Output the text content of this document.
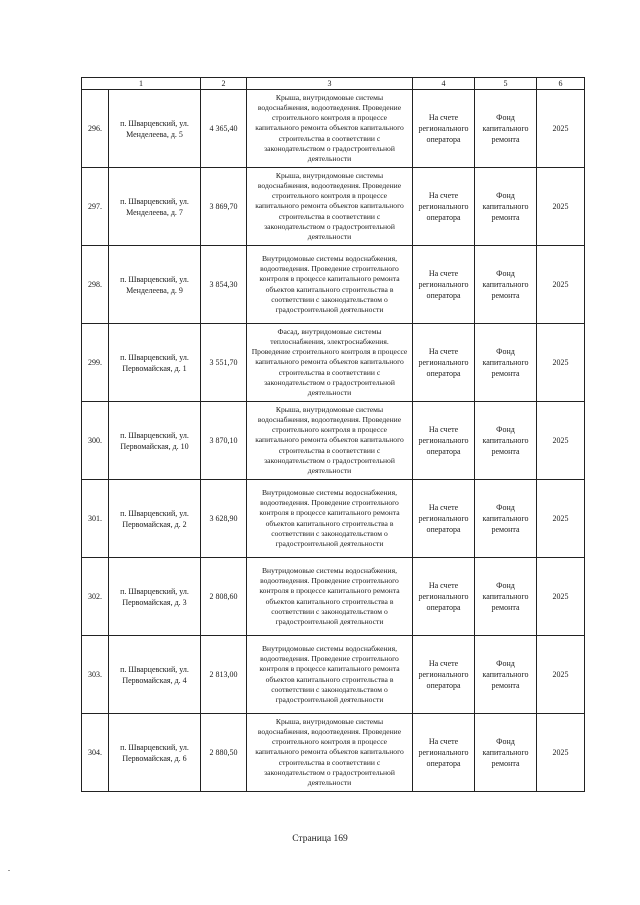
1		2	3	4	5	6
296.	п. Шварцевский, ул. Менделеева, д. 5	4 365,40	Крыша, внутридомовые системы водоснабжения, водоотведения. Проведение строительного контроля в процессе капитального ремонта объектов капитального строительства в соответствии с законодательством о градостроительной деятельности	На счете регионального оператора	Фонд капитального ремонта	2025
297.	п. Шварцевский, ул. Менделеева, д. 7	3 869,70	Крыша, внутридомовые системы водоснабжения, водоотведения. Проведение строительного контроля в процессе капитального ремонта объектов капитального строительства в соответствии с законодательством о градостроительной деятельности	На счете регионального оператора	Фонд капитального ремонта	2025
298.	п. Шварцевский, ул. Менделеева, д. 9	3 854,30	Внутридомовые системы водоснабжения, водоотведения. Проведение строительного контроля в процессе капитального ремонта объектов капитального строительства в соответствии с законодательством о градостроительной деятельности	На счете регионального оператора	Фонд капитального ремонта	2025
299.	п. Шварцевский, ул. Первомайская, д. 1	3 551,70	Фасад, внутридомовые системы теплоснабжения, электроснабжения. Проведение строительного контроля в процессе капитального ремонта объектов капитального строительства в соответствии с законодательством о градостроительной деятельности	На счете регионального оператора	Фонд капитального ремонта	2025
300.	п. Шварцевский, ул. Первомайская, д. 10	3 870,10	Крыша, внутридомовые системы водоснабжения, водоотведения. Проведение строительного контроля в процессе капитального ремонта объектов капитального строительства в соответствии с законодательством о градостроительной деятельности	На счете регионального оператора	Фонд капитального ремонта	2025
301.	п. Шварцевский, ул. Первомайская, д. 2	3 628,90	Внутридомовые системы водоснабжения, водоотведения. Проведение строительного контроля в процессе капитального ремонта объектов капитального строительства в соответствии с законодательством о градостроительной деятельности	На счете регионального оператора	Фонд капитального ремонта	2025
302.	п. Шварцевский, ул. Первомайская, д. 3	2 808,60	Внутридомовые системы водоснабжения, водоотведения. Проведение строительного контроля в процессе капитального ремонта объектов капитального строительства в соответствии с законодательством о градостроительной деятельности	На счете регионального оператора	Фонд капитального ремонта	2025
303.	п. Шварцевский, ул. Первомайская, д. 4	2 813,00	Внутридомовые системы водоснабжения, водоотведения. Проведение строительного контроля в процессе капитального ремонта объектов капитального строительства в соответствии с законодательством о градостроительной деятельности	На счете регионального оператора	Фонд капитального ремонта	2025
304.	п. Шварцевский, ул. Первомайская, д. 6	2 880,50	Крыша, внутридомовые системы водоснабжения, водоотведения. Проведение строительного контроля в процессе капитального ремонта объектов капитального строительства в соответствии с законодательством о градостроительной деятельности	На счете регионального оператора	Фонд капитального ремонта	2025
Страница 169
